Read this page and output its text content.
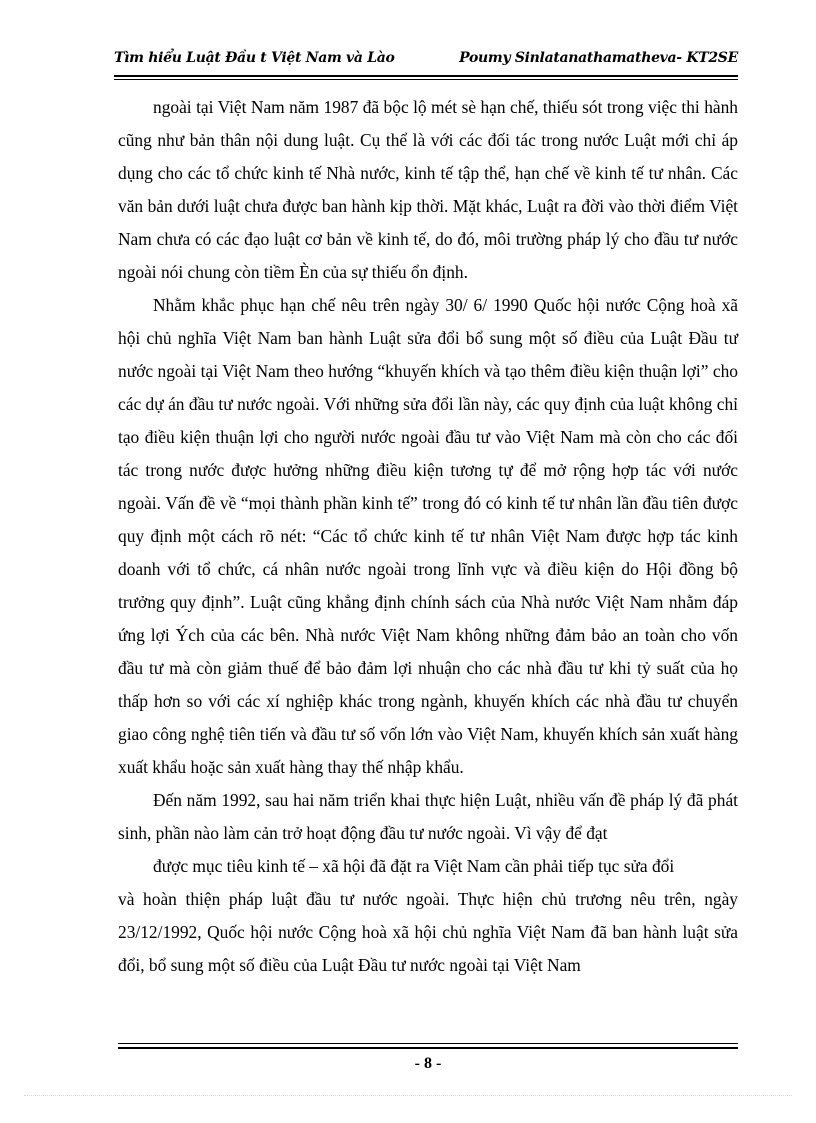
Tìm hiểu Luật Đầu t Việt Nam và Lào	Poumy Sinlatanathamatheva- KT2SE

ngoài tại Việt Nam năm 1987 đã bộc lộ mét sè hạn chế, thiếu sót trong việc thi hành cũng như bản thân nội dung luật. Cụ thể là với các đối tác trong nước Luật mới chỉ áp dụng cho các tổ chức kinh tế Nhà nước, kinh tế tập thể, hạn chế về kinh tế tư nhân. Các văn bản dưới luật chưa được ban hành kịp thời. Mặt khác, Luật ra đời vào thời điểm Việt Nam chưa có các đạo luật cơ bản về kinh tế, do đó, môi trường pháp lý cho đầu tư nước ngoài nói chung còn tiềm Èn của sự thiếu ổn định.

Nhằm khắc phục hạn chế nêu trên ngày 30/ 6/ 1990 Quốc hội nước Cộng hoà xã hội chủ nghĩa Việt Nam ban hành Luật sửa đổi bổ sung một số điều của Luật Đầu tư nước ngoài tại Việt Nam theo hướng “khuyến khích và tạo thêm điều kiện thuận lợi” cho các dự án đầu tư nước ngoài. Với những sửa đổi lần này, các quy định của luật không chỉ tạo điều kiện thuận lợi cho người nước ngoài đầu tư vào Việt Nam mà còn cho các đối tác trong nước được hưởng những điều kiện tương tự để mở rộng hợp tác với nước ngoài. Vấn đề về “mọi thành phần kinh tế” trong đó có kinh tế tư nhân lần đầu tiên được quy định một cách rõ nét: “Các tổ chức kinh tế tư nhân Việt Nam được hợp tác kinh doanh với tổ chức, cá nhân nước ngoài trong lĩnh vực và điều kiện do Hội đồng bộ trưởng quy định”. Luật cũng khẳng định chính sách của Nhà nước Việt Nam nhằm đáp ứng lợi Ých của các bên. Nhà nước Việt Nam không những đảm bảo an toàn cho vốn đầu tư mà còn giảm thuế để bảo đảm lợi nhuận cho các nhà đầu tư khi tỷ suất của họ thấp hơn so với các xí nghiệp khác trong ngành, khuyến khích các nhà đầu tư chuyển giao công nghệ tiên tiến và đầu tư số vốn lớn vào Việt Nam, khuyến khích sản xuất hàng xuất khẩu hoặc sản xuất hàng thay thế nhập khẩu.

Đến năm 1992, sau hai năm triển khai thực hiện Luật, nhiều vấn đề pháp lý đã phát sinh, phần nào làm cản trở hoạt động đầu tư nước ngoài. Vì vậy để đạt

được mục tiêu kinh tế – xã hội đã đặt ra Việt Nam cần phải tiếp tục sửa đổi

và hoàn thiện pháp luật đầu tư nước ngoài. Thực hiện chủ trương nêu trên, ngày 23/12/1992, Quốc hội nước Cộng hoà xã hội chủ nghĩa Việt Nam đã ban hành luật sửa đổi, bổ sung một số điều của Luật Đầu tư nước ngoài tại Việt Nam

- 8 -
